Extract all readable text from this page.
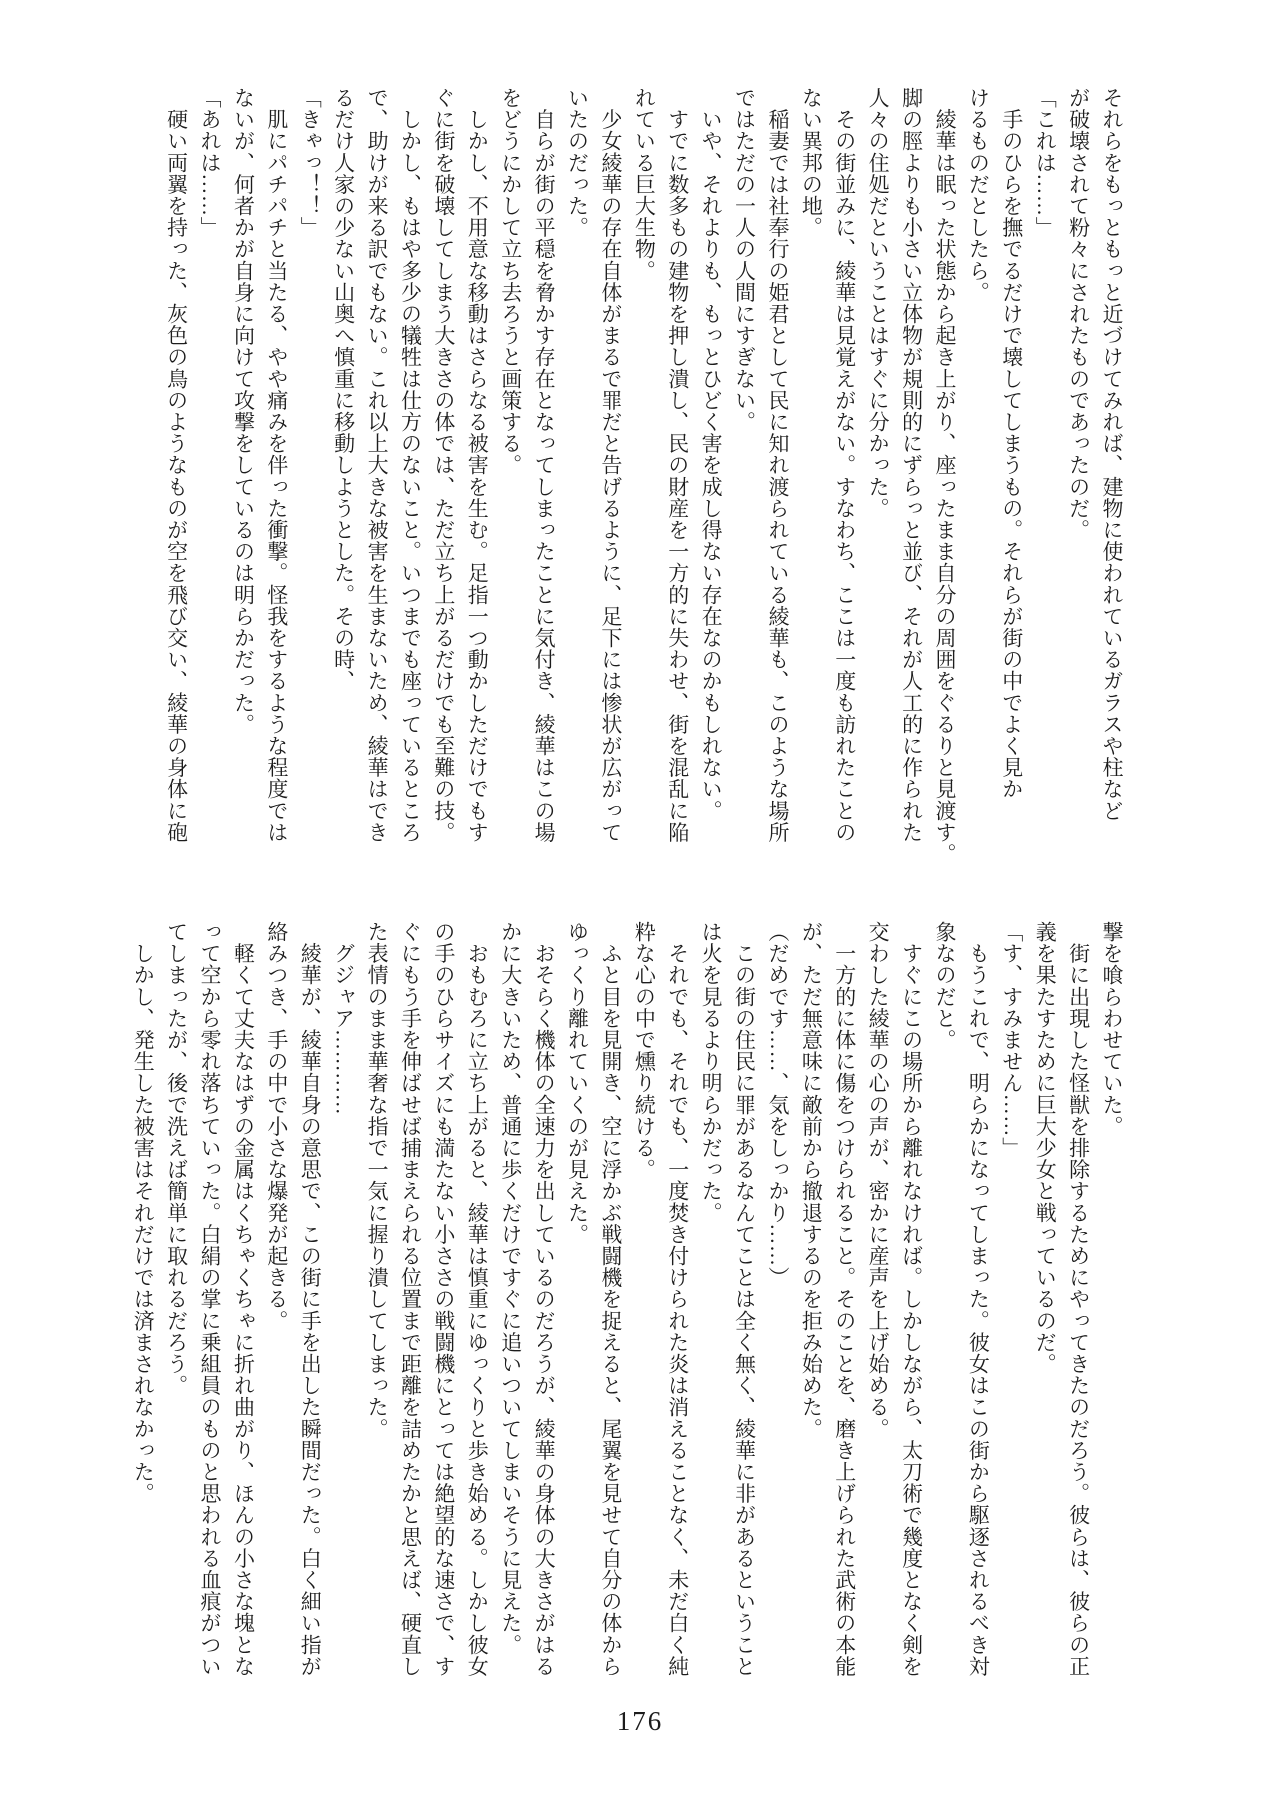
それらをもっともっと近づけてみれば、建物に使われているガラスや柱など

が破壊されて粉々にされたものであったのだ。

「これは……」

　手のひらを撫でるだけで壊してしまうもの。それらが街の中でよく見か

けるものだとしたら。

　綾華は眠った状態から起き上がり、座ったまま自分の周囲をぐるりと見渡す。

脚の脛よりも小さい立体物が規則的にずらっと並び、それが人工的に作られた

人々の住処だということはすぐに分かった。

　その街並みに、綾華は見覚えがない。すなわち、ここは一度も訪れたことの

ない異邦の地。

　稲妻では社奉行の姫君として民に知れ渡られている綾華も、このような場所

ではただの一人の人間にすぎない。

　いや、それよりも、もっとひどく害を成し得ない存在なのかもしれない。

　すでに数多もの建物を押し潰し、民の財産を一方的に失わせ、街を混乱に陥

れている巨大生物。

　少女綾華の存在自体がまるで罪だと告げるように、足下には惨状が広がって

いたのだった。

　自らが街の平穏を脅かす存在となってしまったことに気付き、綾華はこの場

をどうにかして立ち去ろうと画策する。

　しかし、不用意な移動はさらなる被害を生む。足指一つ動かしただけでもす

ぐに街を破壊してしまう大きさの体では、ただ立ち上がるだけでも至難の技。

　しかし、もはや多少の犠牲は仕方のないこと。いつまでも座っているところ

で、助けが来る訳でもない。これ以上大きな被害を生まないため、綾華はでき

るだけ人家の少ない山奥へ慎重に移動しようとした。その時、

「きゃっ！！」

　肌にパチパチと当たる、やや痛みを伴った衝撃。怪我をするような程度では

ないが、何者かが自身に向けて攻撃をしているのは明らかだった。

「あれは……」

　硬い両翼を持った、灰色の鳥のようなものが空を飛び交い、綾華の身体に砲

撃を喰らわせていた。

　街に出現した怪獣を排除するためにやってきたのだろう。彼らは、彼らの正

義を果たすために巨大少女と戦っているのだ。

「す、すみません……」

　もうこれで、明らかになってしまった。彼女はこの街から駆逐されるべき対

象なのだと。

　すぐにこの場所から離れなければ。しかしながら、太刀術で幾度となく剣を

交わした綾華の心の声が、密かに産声を上げ始める。

　一方的に体に傷をつけられること。そのことを、磨き上げられた武術の本能

が、ただ無意味に敵前から撤退するのを拒み始めた。

（だめです……、気をしっかり……）

　この街の住民に罪があるなんてことは全く無く、綾華に非があるということ

は火を見るより明らかだった。

　それでも、それでも、一度焚き付けられた炎は消えることなく、未だ白く純

粋な心の中で燻り続ける。

　ふと目を見開き、空に浮かぶ戦闘機を捉えると、尾翼を見せて自分の体から

ゆっくり離れていくのが見えた。

　おそらく機体の全速力を出しているのだろうが、綾華の身体の大きさがはる

かに大きいため、普通に歩くだけですぐに追いついてしまいそうに見えた。

　おもむろに立ち上がると、綾華は慎重にゆっくりと歩き始める。しかし彼女

の手のひらサイズにも満たない小ささの戦闘機にとっては絶望的な速さで、す

ぐにもう手を伸ばせば捕まえられる位置まで距離を詰めたかと思えば、硬直し

た表情のまま華奢な指で一気に握り潰してしまった。

　グジャア…………

　綾華が、綾華自身の意思で、この街に手を出した瞬間だった。白く細い指が

絡みつき、手の中で小さな爆発が起きる。

　軽くて丈夫なはずの金属はくちゃくちゃに折れ曲がり、ほんの小さな塊とな

って空から零れ落ちていった。白絹の掌に乗組員のものと思われる血痕がつい

てしまったが、後で洗えば簡単に取れるだろう。

　しかし、発生した被害はそれだけでは済まされなかった。

176
